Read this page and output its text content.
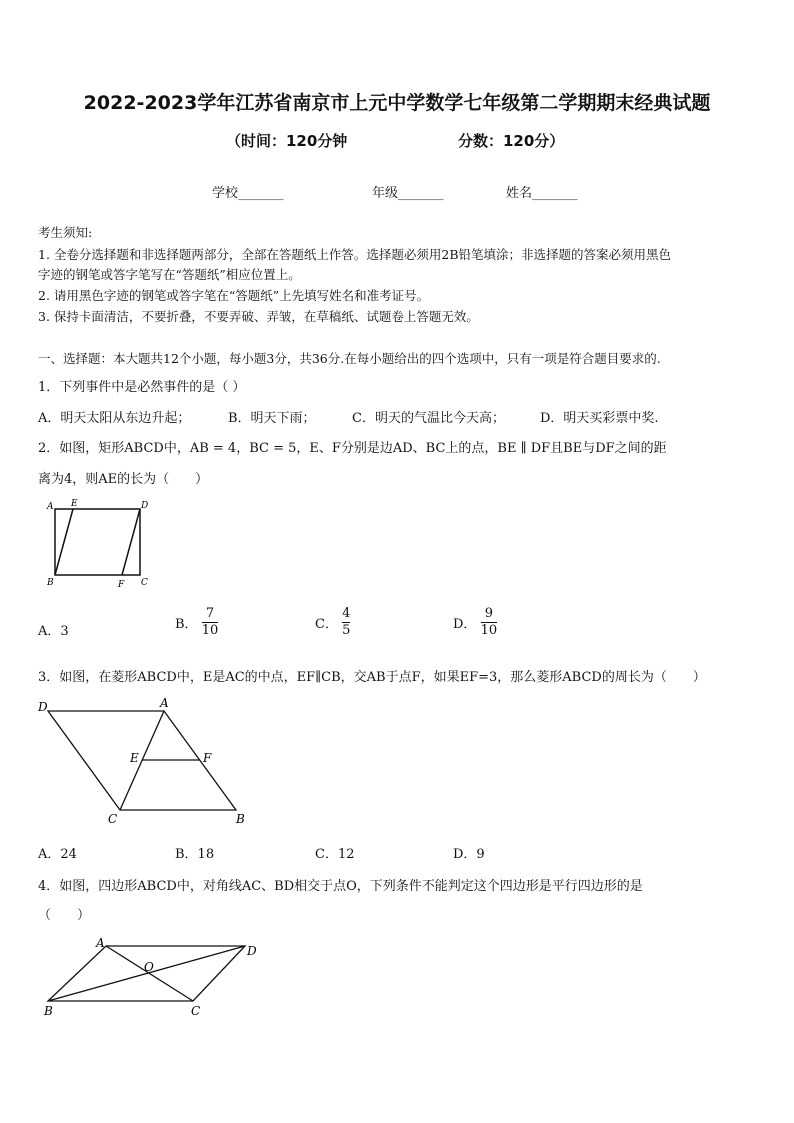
2022-2023学年江苏省南京市上元中学数学七年级第二学期期末经典试题
（时间：120分钟	分数：120分）
学校_______	年级_______	姓名_______
考生须知:
1. 全卷分选择题和非选择题两部分，全部在答题纸上作答。选择题必须用2B铅笔填涂；非选择题的答案必须用黑色
字迹的钢笔或答字笔写在“答题纸”相应位置上。
2. 请用黑色字迹的钢笔或答字笔在“答题纸”上先填写姓名和准考证号。
3. 保持卡面清洁，不要折叠，不要弄破、弄皱，在草稿纸、试题卷上答题无效。
一、选择题：本大题共12个小题，每小题3分，共36分.在每小题给出的四个选项中，只有一项是符合题目要求的.
1．下列事件中是必然事件的是（ ）
A．明天太阳从东边升起；	B．明天下雨；	C．明天的气温比今天高；	D．明天买彩票中奖.
2．如图，矩形ABCD中，AB = 4，BC = 5，E、F分别是边AD、BC上的点，BE ∥ DF且BE与DF之间的距
离为4，则AE的长为（　　）
A E	D
B	F C
A．3	B． $\frac{7}{10}$	C． $\frac{4}{5}$	D． $\frac{9}{10}$
3．如图，在菱形ABCD中，E是AC的中点，EF∥CB，交AB于点F，如果EF=3，那么菱形ABCD的周长为（　　）
D	A
E	F
C	B
A．24	B．18	C．12	D．9
4．如图，四边形ABCD中，对角线AC、BD相交于点O，下列条件不能判定这个四边形是平行四边形的是
（　　）
A
D
O
B	C
